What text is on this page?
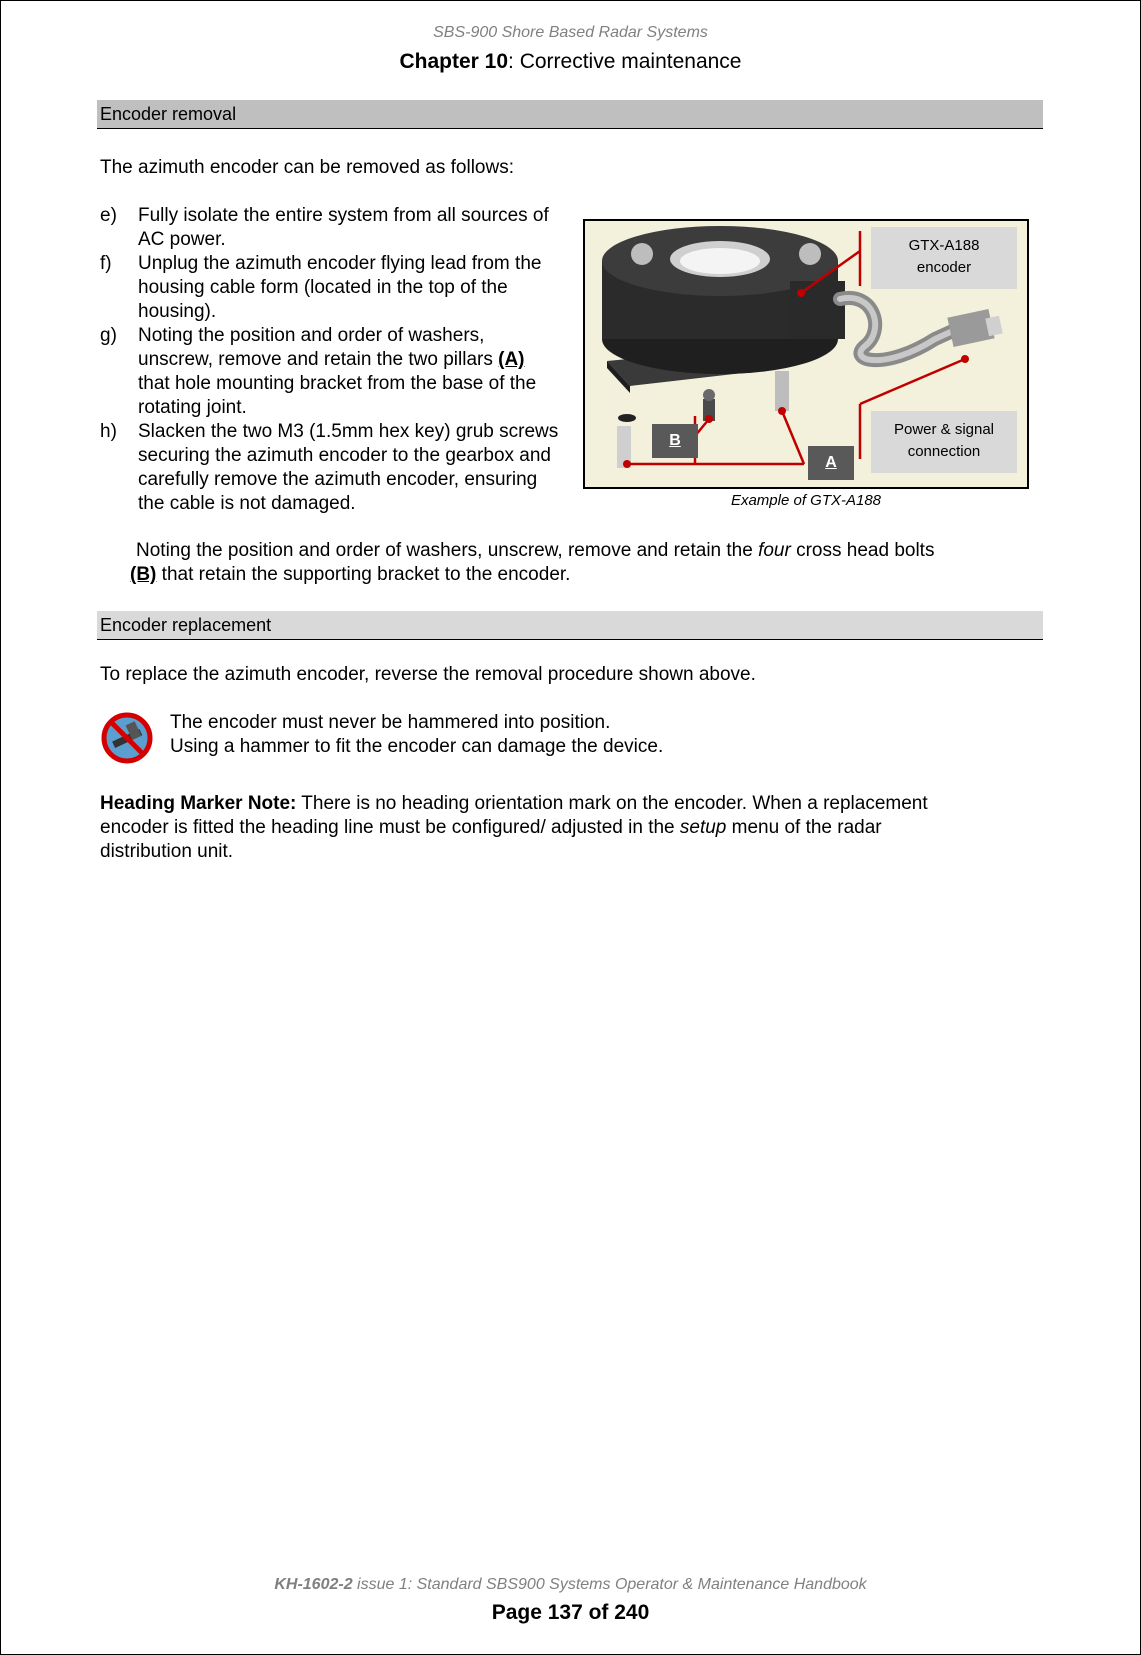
SBS-900 Shore Based Radar Systems
Chapter 10: Corrective maintenance
Encoder removal
The azimuth encoder can be removed as follows:
e) Fully isolate the entire system from all sources of AC power.
f) Unplug the azimuth encoder flying lead from the housing cable form (located in the top of the housing).
g) Noting the position and order of washers, unscrew, remove and retain the two pillars (A) that hole mounting bracket from the base of the rotating joint.
h) Slacken the two M3 (1.5mm hex key) grub screws securing the azimuth encoder to the gearbox and carefully remove the azimuth encoder, ensuring the cable is not damaged.
GTX-A188
encoder
Power & signal
connection
B
A
Example of GTX-A188
Noting the position and order of washers, unscrew, remove and retain the four cross head bolts
(B) that retain the supporting bracket to the encoder.
Encoder replacement
To replace the azimuth encoder, reverse the removal procedure shown above.
The encoder must never be hammered into position.
Using a hammer to fit the encoder can damage the device.
Heading Marker Note: There is no heading orientation mark on the encoder. When a replacement
encoder is fitted the heading line must be configured/ adjusted in the setup menu of the radar
distribution unit.
KH-1602-2 issue 1: Standard SBS900 Systems Operator & Maintenance Handbook
Page 137 of 240
